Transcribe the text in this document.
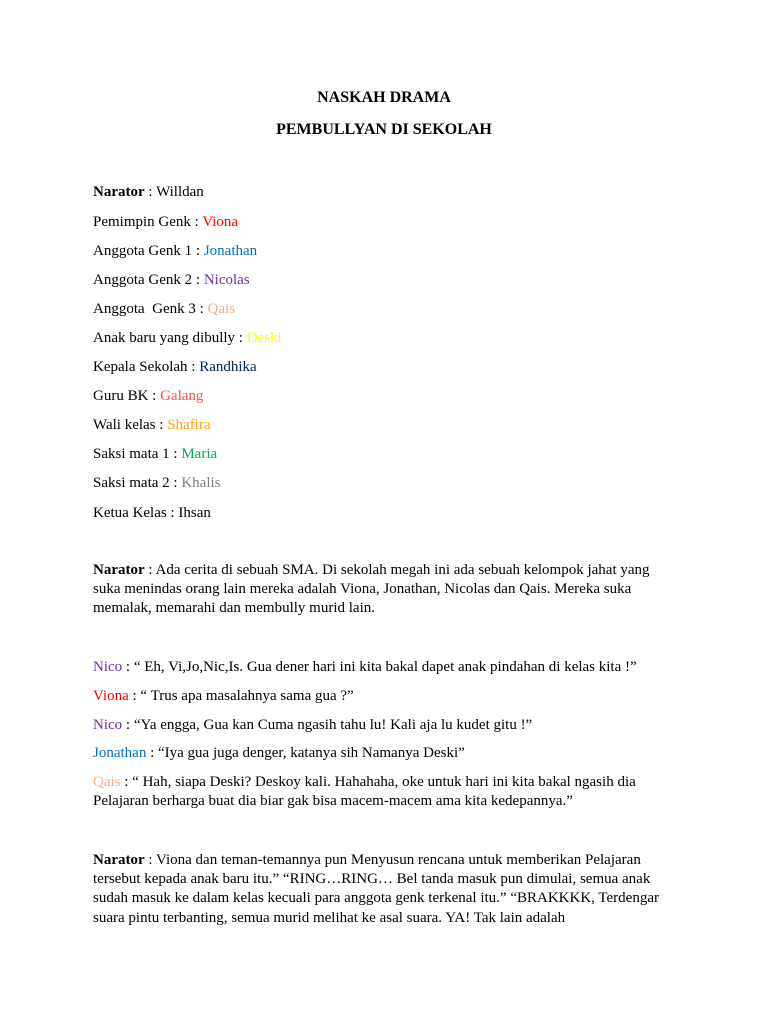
NASKAH DRAMA
PEMBULLYAN DI SEKOLAH
Narator : Willdan
Pemimpin Genk : Viona
Anggota Genk 1 : Jonathan
Anggota Genk 2 : Nicolas
Anggota  Genk 3 : Qais
Anak baru yang dibully : Deski
Kepala Sekolah : Randhika
Guru BK : Galang
Wali kelas : Shafira
Saksi mata 1 : Maria
Saksi mata 2 : Khalis
Ketua Kelas : Ihsan
Narator : Ada cerita di sebuah SMA. Di sekolah megah ini ada sebuah kelompok jahat yang suka menindas orang lain mereka adalah Viona, Jonathan, Nicolas dan Qais. Mereka suka memalak, memarahi dan membully murid lain.
Nico : “ Eh, Vi,Jo,Nic,Is. Gua dener hari ini kita bakal dapet anak pindahan di kelas kita !”
Viona : “ Trus apa masalahnya sama gua ?”
Nico : “Ya engga, Gua kan Cuma ngasih tahu lu! Kali aja lu kudet gitu !”
Jonathan : “Iya gua juga denger, katanya sih Namanya Deski”
Qais : “ Hah, siapa Deski? Deskoy kali. Hahahaha, oke untuk hari ini kita bakal ngasih dia Pelajaran berharga buat dia biar gak bisa macem-macem ama kita kedepannya.”
Narator : Viona dan teman-temannya pun Menyusun rencana untuk memberikan Pelajaran tersebut kepada anak baru itu.” “RING…RING… Bel tanda masuk pun dimulai, semua anak sudah masuk ke dalam kelas kecuali para anggota genk terkenal itu.” “BRAKKKK, Terdengar suara pintu terbanting, semua murid melihat ke asal suara. YA! Tak lain adalah
